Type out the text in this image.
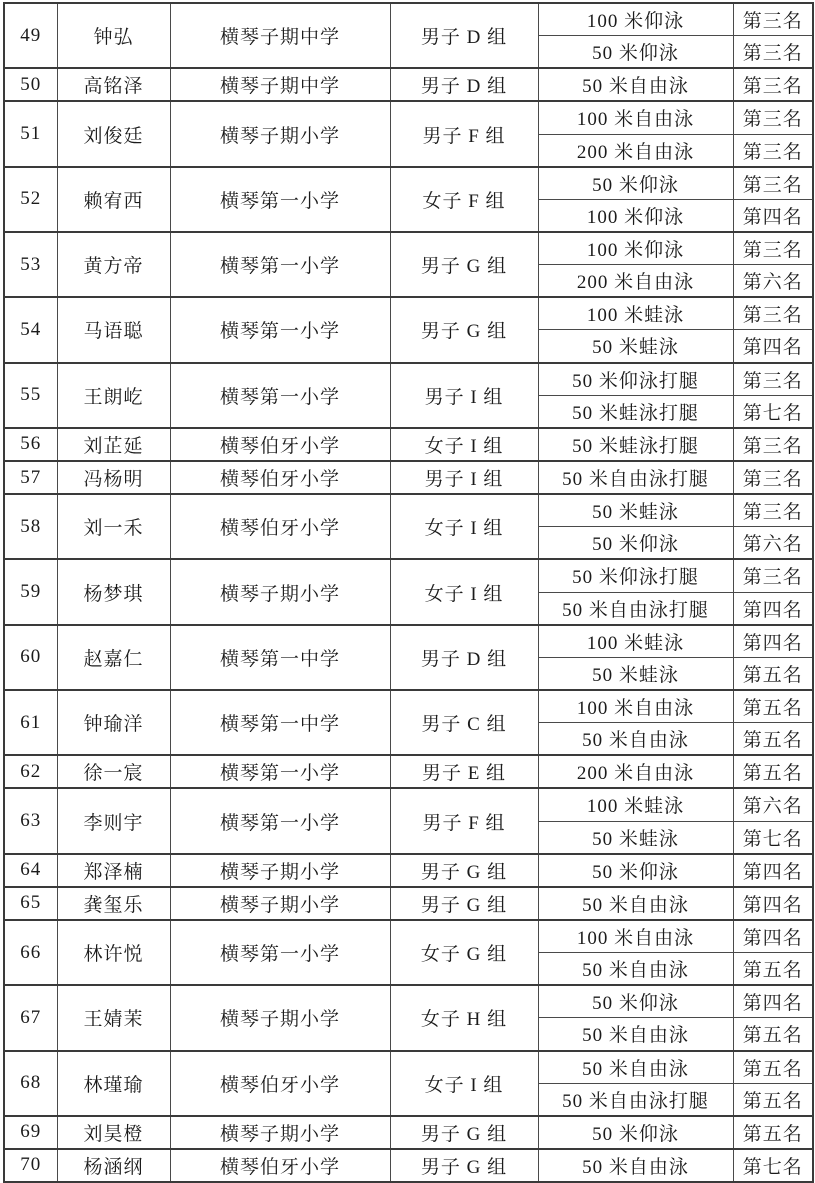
49	钟弘	横琴子期中学	男子 D 组	100 米仰泳	第三名
				50 米仰泳	第三名
50	高铭泽	横琴子期中学	男子 D 组	50 米自由泳	第三名
51	刘俊廷	横琴子期小学	男子 F 组	100 米自由泳	第三名
				200 米自由泳	第三名
52	赖宥西	横琴第一小学	女子 F 组	50 米仰泳	第三名
				100 米仰泳	第四名
53	黄方帝	横琴第一小学	男子 G 组	100 米仰泳	第三名
				200 米自由泳	第六名
54	马语聪	横琴第一小学	男子 G 组	100 米蛙泳	第三名
				50 米蛙泳	第四名
55	王朗屹	横琴第一小学	男子 I 组	50 米仰泳打腿	第三名
				50 米蛙泳打腿	第七名
56	刘芷延	横琴伯牙小学	女子 I 组	50 米蛙泳打腿	第三名
57	冯杨明	横琴伯牙小学	男子 I 组	50 米自由泳打腿	第三名
58	刘一禾	横琴伯牙小学	女子 I 组	50 米蛙泳	第三名
				50 米仰泳	第六名
59	杨梦琪	横琴子期小学	女子 I 组	50 米仰泳打腿	第三名
				50 米自由泳打腿	第四名
60	赵嘉仁	横琴第一中学	男子 D 组	100 米蛙泳	第四名
				50 米蛙泳	第五名
61	钟瑜洋	横琴第一中学	男子 C 组	100 米自由泳	第五名
				50 米自由泳	第五名
62	徐一宸	横琴第一小学	男子 E 组	200 米自由泳	第五名
63	李则宇	横琴第一小学	男子 F 组	100 米蛙泳	第六名
				50 米蛙泳	第七名
64	郑泽楠	横琴子期小学	男子 G 组	50 米仰泳	第四名
65	龚玺乐	横琴子期小学	男子 G 组	50 米自由泳	第四名
66	林许悦	横琴第一小学	女子 G 组	100 米自由泳	第四名
				50 米自由泳	第五名
67	王婧茉	横琴子期小学	女子 H 组	50 米仰泳	第四名
				50 米自由泳	第五名
68	林瑾瑜	横琴伯牙小学	女子 I 组	50 米自由泳	第五名
				50 米自由泳打腿	第五名
69	刘昊橙	横琴子期小学	男子 G 组	50 米仰泳	第五名
70	杨涵纲	横琴伯牙小学	男子 G 组	50 米自由泳	第七名
